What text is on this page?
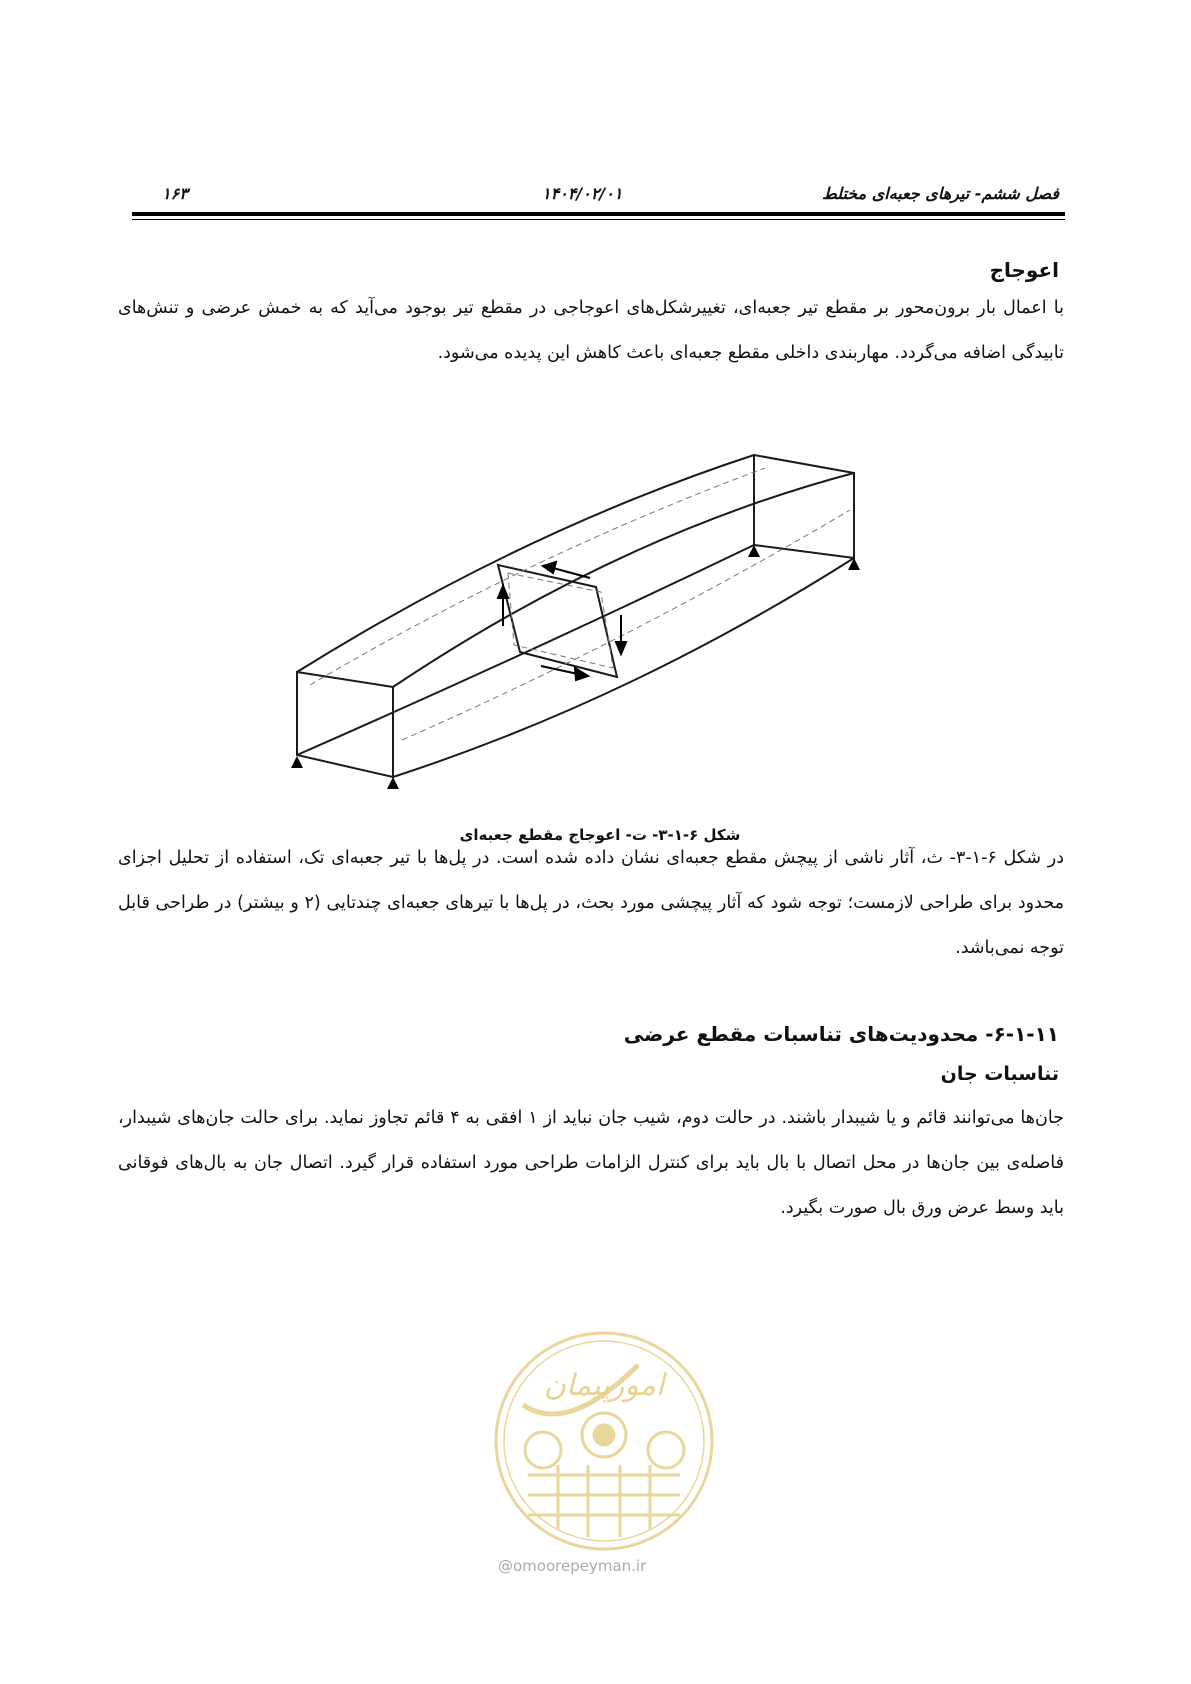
فصل ششم- تیرهای جعبه‌ای مختلط
۱۴۰۴/۰۲/۰۱
۱۶۳
اعوجاج

با اعمال بار برون‌محور بر مقطع تیر جعبه‌ای، تغییرشکل‌های اعوجاجی در مقطع تیر بوجود می‌آید که به خمش عرضی و تنش‌های تابیدگی اضافه می‌گردد. مهاربندی داخلی مقطع جعبه‌ای باعث کاهش این پدیده می‌شود.

شکل ۶-۱-۳- ت- اعوجاج مقطع جعبه‌ای

در شکل ۶-۱-۳- ث، آثار ناشی از پیچش مقطع جعبه‌ای نشان داده شده است. در پل‌ها با تیر جعبه‌ای تک، استفاده از تحلیل اجزای محدود برای طراحی لازمست؛ توجه شود که آثار پیچشی مورد بحث، در پل‌ها با تیرهای جعبه‌ای چندتایی (۲ و بیشتر) در طراحی قابل توجه نمی‌باشد.

۶-۱-۱۱- محدودیت‌های تناسبات مقطع عرضی
تناسبات جان

جان‌ها می‌توانند قائم و یا شیبدار باشند. در حالت دوم، شیب جان نباید از ۱ افقی به ۴ قائم تجاوز نماید. برای حالت جان‌های شیبدار، فاصله‌ی بین جان‌ها در محل اتصال با بال باید برای کنترل الزامات طراحی مورد استفاده قرار گیرد. اتصال جان به بال‌های فوقانی باید وسط عرض ورق بال صورت بگیرد.

امورپیمان
@omoorepeyman.ir
